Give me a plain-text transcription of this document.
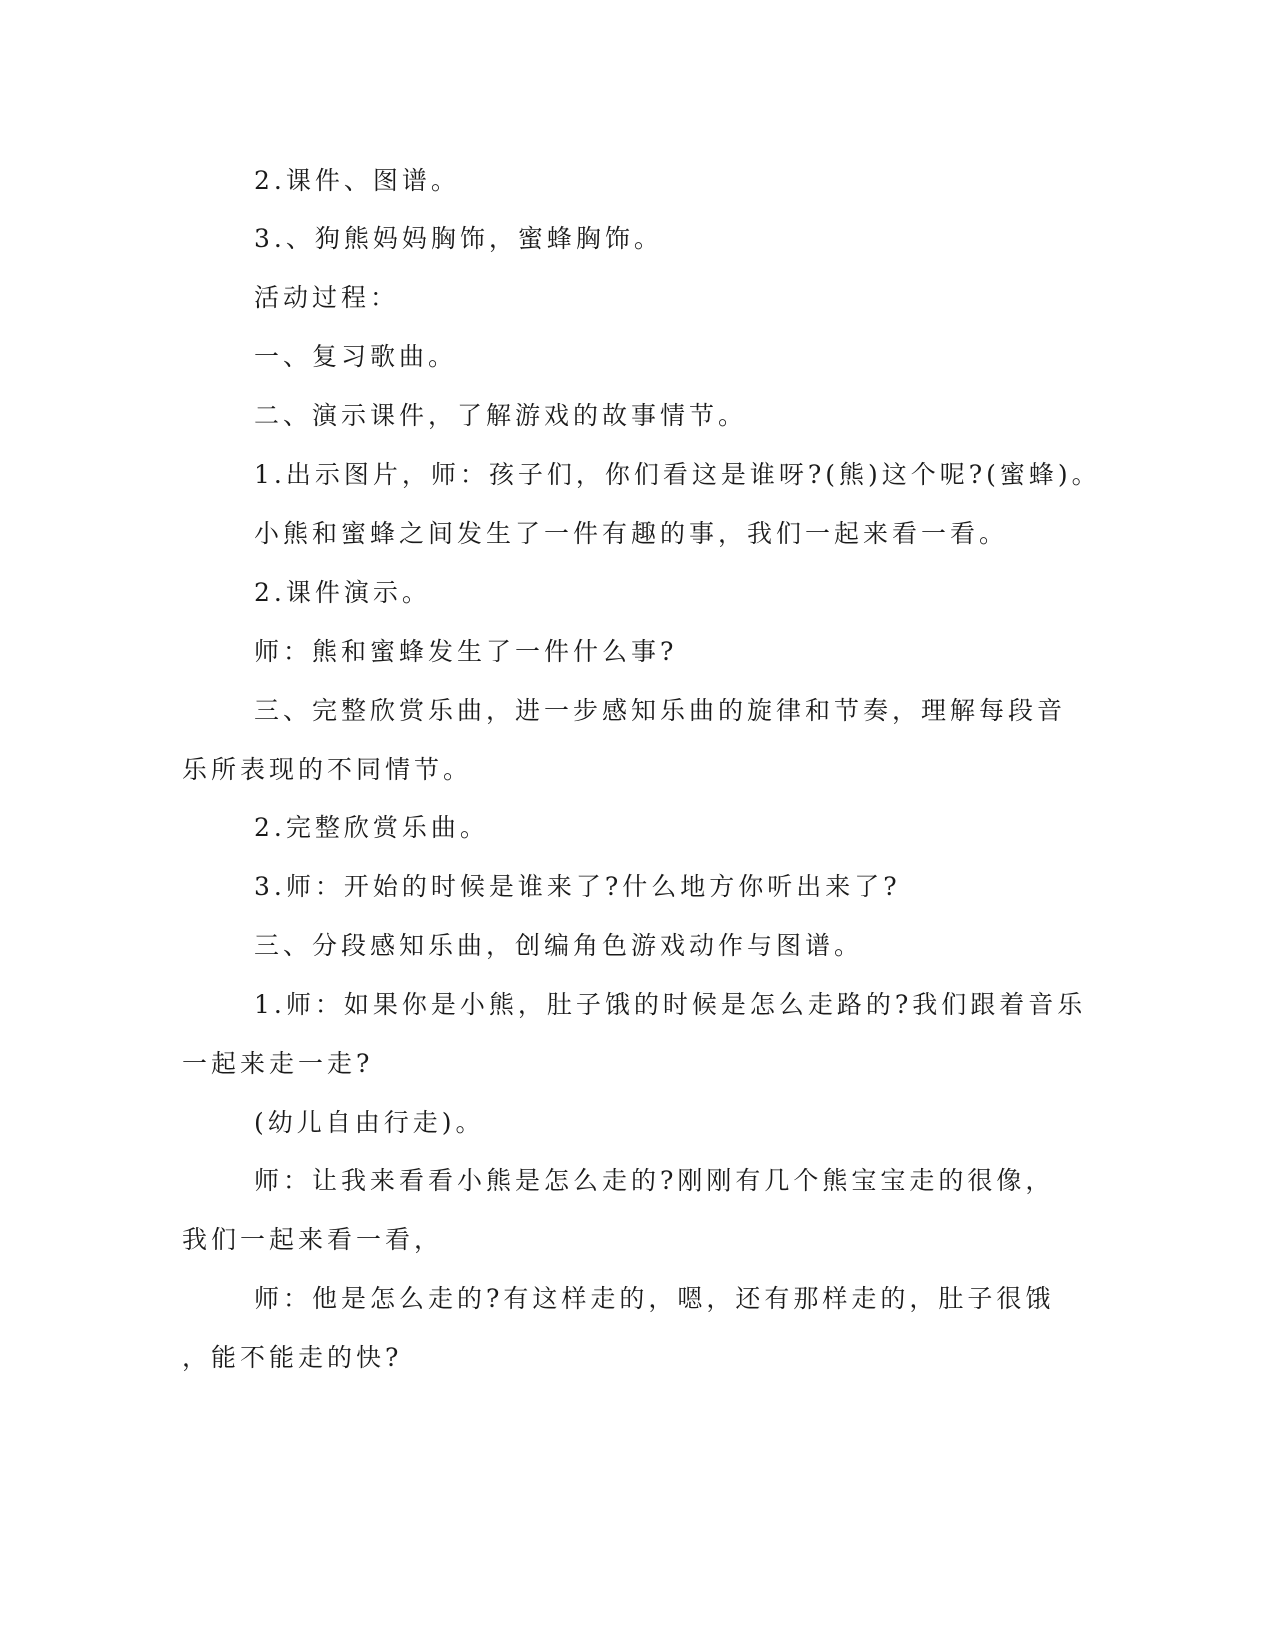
2.课件、图谱。

3.、狗熊妈妈胸饰，蜜蜂胸饰。

活动过程：

一、复习歌曲。

二、演示课件，了解游戏的故事情节。

1.出示图片，师：孩子们，你们看这是谁呀?(熊)这个呢?(蜜蜂)。

小熊和蜜蜂之间发生了一件有趣的事，我们一起来看一看。

2.课件演示。

师：熊和蜜蜂发生了一件什么事?

三、完整欣赏乐曲，进一步感知乐曲的旋律和节奏，理解每段音

乐所表现的不同情节。

2.完整欣赏乐曲。

3.师：开始的时候是谁来了?什么地方你听出来了?

三、分段感知乐曲，创编角色游戏动作与图谱。

1.师：如果你是小熊，肚子饿的时候是怎么走路的?我们跟着音乐

一起来走一走?

(幼儿自由行走)。

师：让我来看看小熊是怎么走的?刚刚有几个熊宝宝走的很像，

我们一起来看一看，

师：他是怎么走的?有这样走的，嗯，还有那样走的，肚子很饿

，能不能走的快?
